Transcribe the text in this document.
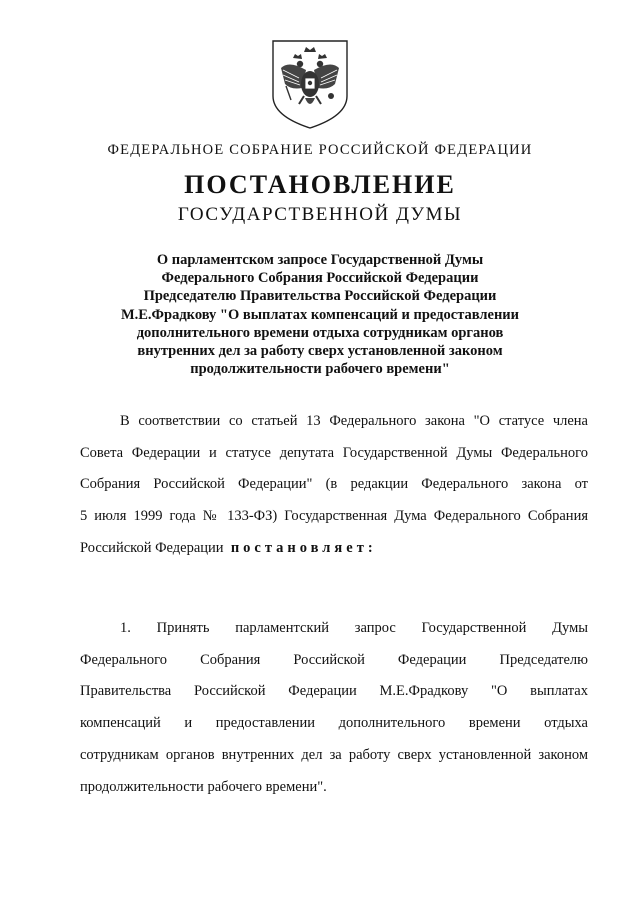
ФЕДЕРАЛЬНОЕ СОБРАНИЕ РОССИЙСКОЙ ФЕДЕРАЦИИ
ПОСТАНОВЛЕНИЕ
ГОСУДАРСТВЕННОЙ ДУМЫ
О парламентском запросе Государственной Думы
Федерального Собрания Российской Федерации
Председателю Правительства Российской Федерации
М.Е.Фрадкову "О выплатах компенсаций и предоставлении
дополнительного времени отдыха сотрудникам органов
внутренних дел за работу сверх установленной законом
продолжительности рабочего времени"
В соответствии со статьей 13 Федерального закона "О статусе члена
Совета Федерации и статусе депутата Государственной Думы Федерального
Собрания Российской Федерации" (в редакции Федерального закона от
5 июля 1999 года № 133-ФЗ) Государственная Дума Федерального Собрания
Российской Федерации постановляет:
1. Принять парламентский запрос Государственной Думы
Федерального Собрания Российской Федерации Председателю
Правительства Российской Федерации М.Е.Фрадкову "О выплатах
компенсаций и предоставлении дополнительного времени отдыха
сотрудникам органов внутренних дел за работу сверх установленной законом
продолжительности рабочего времени".
